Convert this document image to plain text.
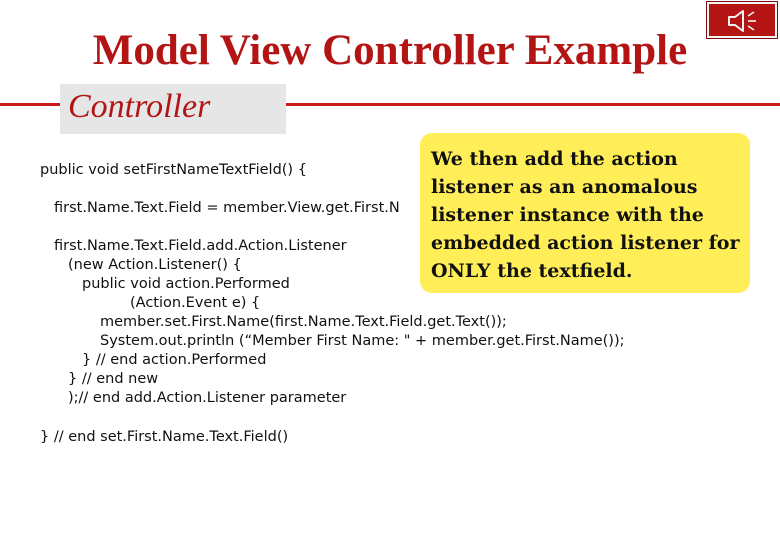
Model View Controller Example
Controller
public void setFirstNameTextField() {
first.Name.Text.Field = member.View.get.First.N
first.Name.Text.Field.add.Action.Listener
(new Action.Listener() {
public void action.Performed
(Action.Event e) {
member.set.First.Name(first.Name.Text.Field.get.Text());
System.out.println (“Member First Name: " + member.get.First.Name());
} // end action.Performed
} // end new
);// end add.Action.Listener parameter
} // end set.First.Name.Text.Field()
We then add the action
listener as an anomalous
listener instance with the
embedded action listener for
ONLY the textfield.
